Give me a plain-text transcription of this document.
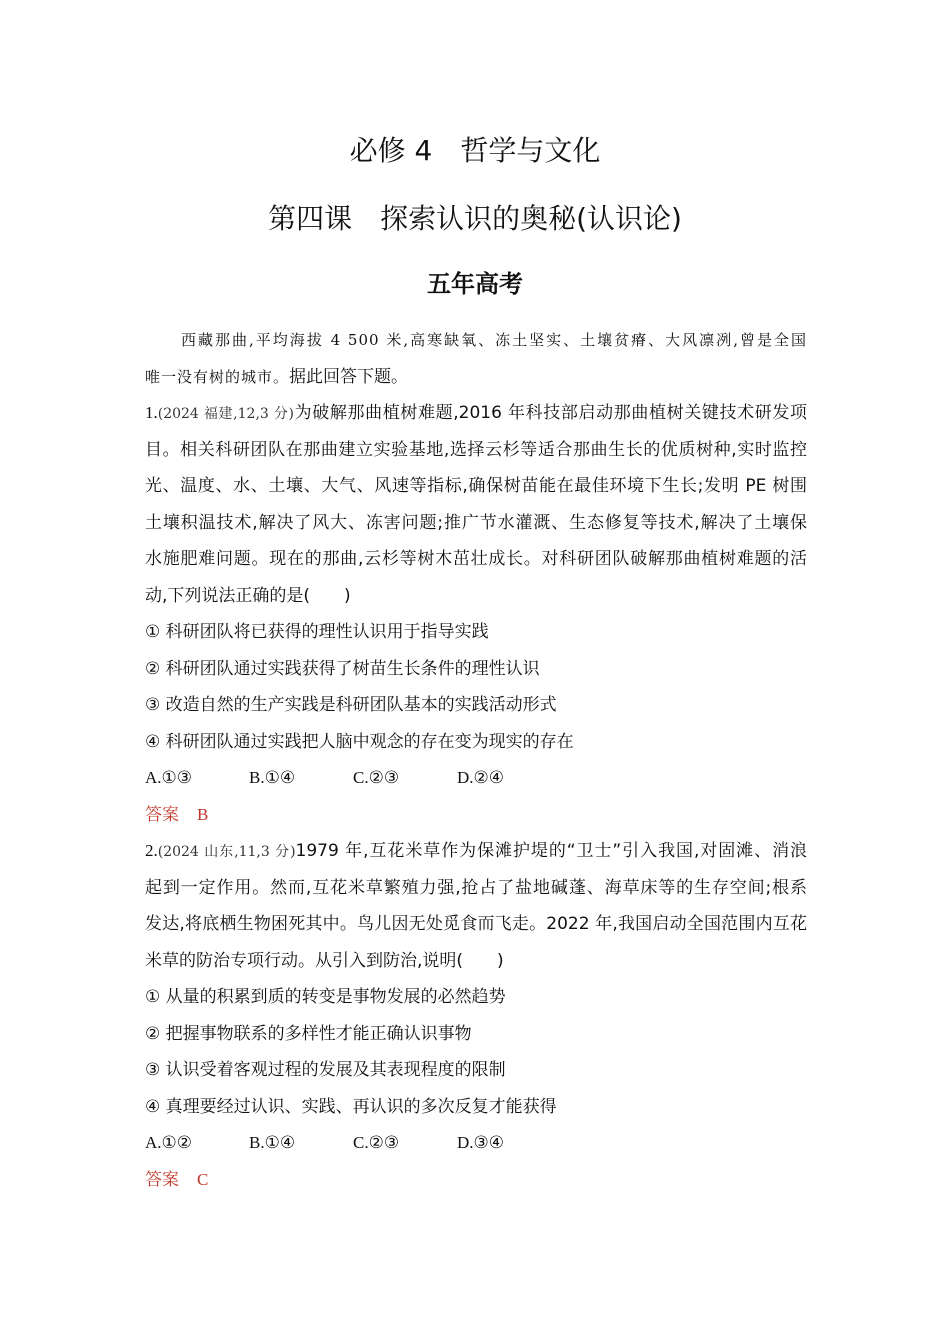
必修 4　哲学与文化
第四课　探索认识的奥秘(认识论)
五年高考
西藏那曲,平均海拔 4 500 米,高寒缺氧、冻土坚实、土壤贫瘠、大风凛冽,曾是全国
唯一没有树的城市。据此回答下题。
1.(2024 福建,12,3 分)为破解那曲植树难题,2016 年科技部启动那曲植树关键技术研发项
目。相关科研团队在那曲建立实验基地,选择云杉等适合那曲生长的优质树种,实时监控
光、温度、水、土壤、大气、风速等指标,确保树苗能在最佳环境下生长;发明 PE 树围
土壤积温技术,解决了风大、冻害问题;推广节水灌溉、生态修复等技术,解决了土壤保
水施肥难问题。现在的那曲,云杉等树木茁壮成长。对科研团队破解那曲植树难题的活
动,下列说法正确的是(　　)
① 科研团队将已获得的理性认识用于指导实践
② 科研团队通过实践获得了树苗生长条件的理性认识
③ 改造自然的生产实践是科研团队基本的实践活动形式
④ 科研团队通过实践把人脑中观念的存在变为现实的存在
A.①③	B.①④	C.②③	D.②④
答案 B
2.(2024 山东,11,3 分)1979 年,互花米草作为保滩护堤的“卫士”引入我国,对固滩、消浪
起到一定作用。然而,互花米草繁殖力强,抢占了盐地碱蓬、海草床等的生存空间;根系
发达,将底栖生物困死其中。鸟儿因无处觅食而飞走。2022 年,我国启动全国范围内互花
米草的防治专项行动。从引入到防治,说明(　　)
① 从量的积累到质的转变是事物发展的必然趋势
② 把握事物联系的多样性才能正确认识事物
③ 认识受着客观过程的发展及其表现程度的限制
④ 真理要经过认识、实践、再认识的多次反复才能获得
A.①②	B.①④	C.②③	D.③④
答案 C
